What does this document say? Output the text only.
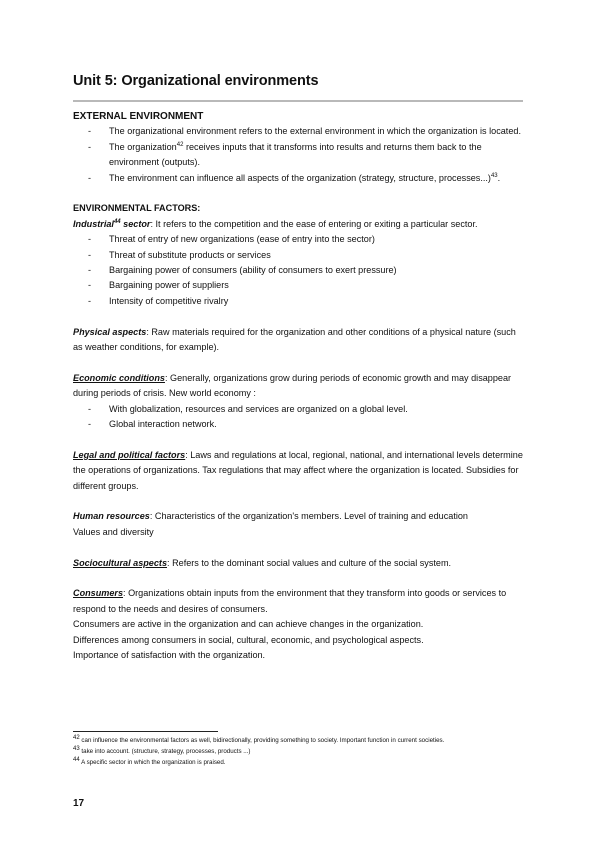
Unit 5: Organizational environments

EXTERNAL ENVIRONMENT

- The organizational environment refers to the external environment in which the organization is located.
- The organization$^{42}$ receives inputs that it transforms into results and returns them back to the environment (outputs).
- The environment can influence all aspects of the organization (strategy, structure, processes...)$^{43}$.

ENVIRONMENTAL FACTORS:

Industrial$^{44}$ sector: It refers to the competition and the ease of entering or exiting a particular sector.

- Threat of entry of new organizations (ease of entry into the sector)
- Threat of substitute products or services
- Bargaining power of consumers (ability of consumers to exert pressure)
- Bargaining power of suppliers
- Intensity of competitive rivalry

Physical aspects: Raw materials required for the organization and other conditions of a physical nature (such as weather conditions, for example).

Economic conditions: Generally, organizations grow during periods of economic growth and may disappear during periods of crisis. New world economy :

- With globalization, resources and services are organized on a global level.
- Global interaction network.

Legal and political factors: Laws and regulations at local, regional, national, and international levels determine the operations of organizations. Tax regulations that may affect where the organization is located. Subsidies for different groups.

Human resources: Characteristics of the organization's members. Level of training and education

Values and diversity

Sociocultural aspects: Refers to the dominant social values and culture of the social system.

Consumers: Organizations obtain inputs from the environment that they transform into goods or services to respond to the needs and desires of consumers.

Consumers are active in the organization and can achieve changes in the organization.

Differences among consumers in social, cultural, economic, and psychological aspects.

Importance of satisfaction with the organization.

$^{42}$ can influence the environmental factors as well, bidirectionally, providing something to society. Important function in current societies.
$^{43}$ take into account. (structure, strategy, processes, products ...)
$^{44}$ A specific sector in which the organization is praised.
17
